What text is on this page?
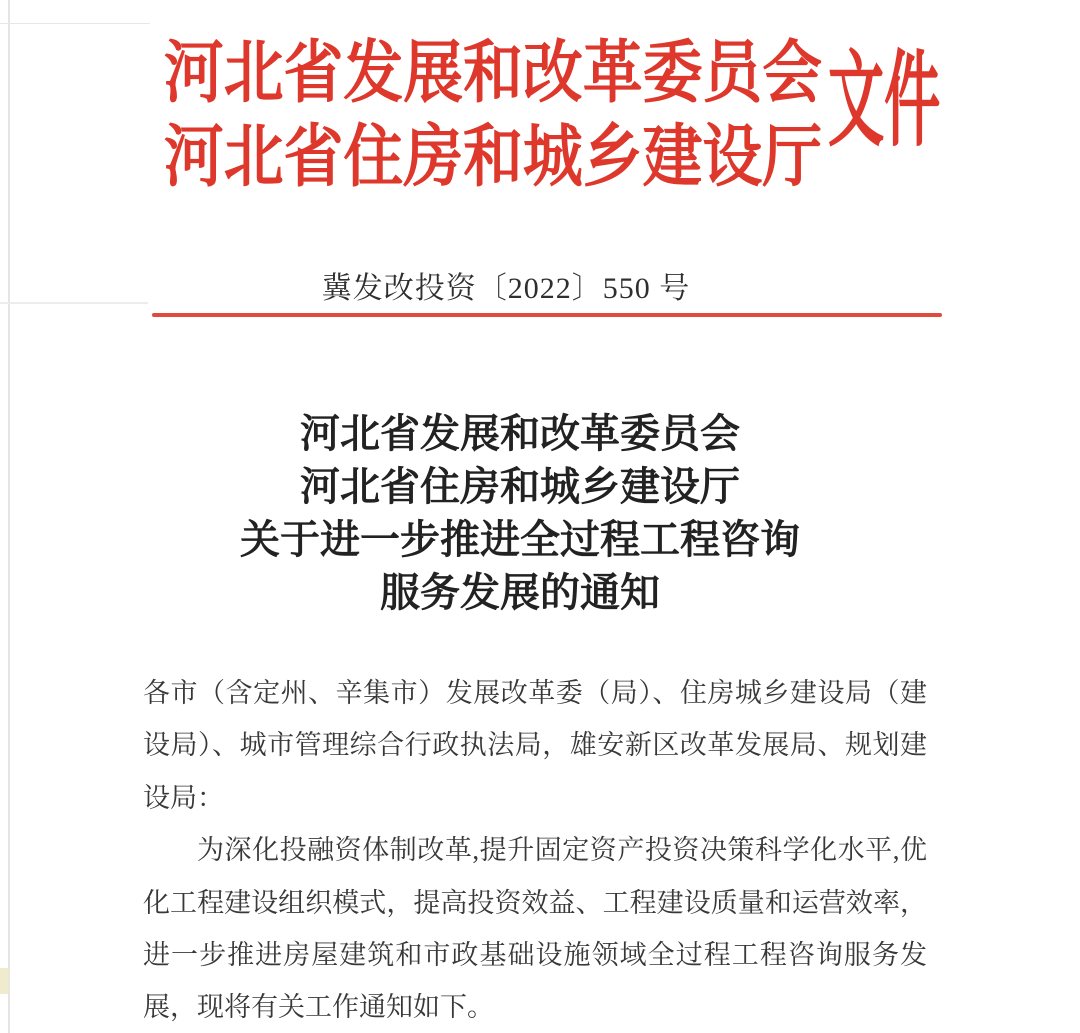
河北省发展和改革委员会
河北省住房和城乡建设厅 文件
冀发改投资〔2022〕550 号
河北省发展和改革委员会
河北省住房和城乡建设厅
关于进一步推进全过程工程咨询
服务发展的通知

各市（含定州、辛集市）发展改革委（局）、住房城乡建设局（建设局）、城市管理综合行政执法局，雄安新区改革发展局、规划建设局：

为深化投融资体制改革,提升固定资产投资决策科学化水平,优化工程建设组织模式，提高投资效益、工程建设质量和运营效率，进一步推进房屋建筑和市政基础设施领域全过程工程咨询服务发展，现将有关工作通知如下。
